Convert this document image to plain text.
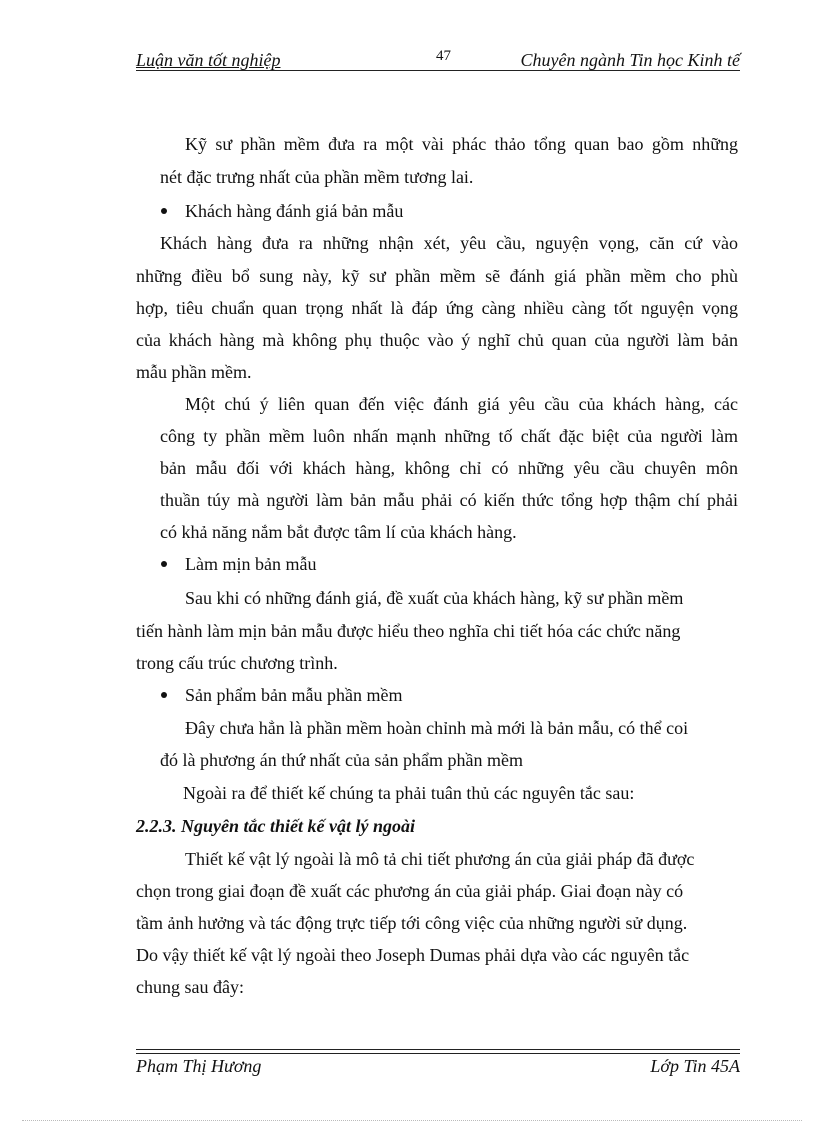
Luận văn tốt nghiệp	47	Chuyên ngành Tin học Kinh tế
Kỹ sư phần mềm đưa ra một vài phác thảo tổng quan bao gồm những
nét đặc trưng nhất của phần mềm tương lai.
Khách hàng đánh giá bản mẫu
Khách hàng đưa ra những nhận xét, yêu cầu, nguyện vọng, căn cứ vào
những điều bổ sung này, kỹ sư phần mềm sẽ đánh giá phần mềm cho phù
hợp, tiêu chuẩn quan trọng nhất là đáp ứng càng nhiều càng tốt nguyện vọng
của khách hàng mà không phụ thuộc vào ý nghĩ chủ quan của người làm bản
mẫu phần mềm.
Một chú ý liên quan đến việc đánh giá yêu cầu của khách hàng, các
công ty phần mềm luôn nhấn mạnh những tố chất đặc biệt của người làm
bản mẫu đối với khách hàng, không chỉ có những yêu cầu chuyên môn
thuần túy mà người làm bản mẫu phải có kiến thức tổng hợp thậm chí phải
có khả năng nắm bắt được tâm lí của khách hàng.
Làm mịn bản mẫu
Sau khi có những đánh giá, đề xuất của khách hàng, kỹ sư phần mềm
tiến hành làm mịn bản mẫu được hiểu theo nghĩa chi tiết hóa các chức năng
trong cấu trúc chương trình.
Sản phẩm bản mẫu phần mềm
Đây chưa hẳn là phần mềm hoàn chỉnh mà mới là bản mẫu, có thể coi
đó là phương án thứ nhất của sản phẩm phần mềm
Ngoài ra để thiết kế chúng ta phải tuân thủ các nguyên tắc sau:
2.2.3. Nguyên tắc thiết kế vật lý ngoài
Thiết kế vật lý ngoài là mô tả chi tiết phương án của giải pháp đã được
chọn trong giai đoạn đề xuất các phương án của giải pháp. Giai đoạn này có
tầm ảnh hưởng và tác động trực tiếp tới công việc của những người sử dụng.
Do vậy thiết kế vật lý ngoài theo Joseph Dumas phải dựa vào các nguyên tắc
chung sau đây:
Phạm Thị Hương	Lớp Tin 45A
